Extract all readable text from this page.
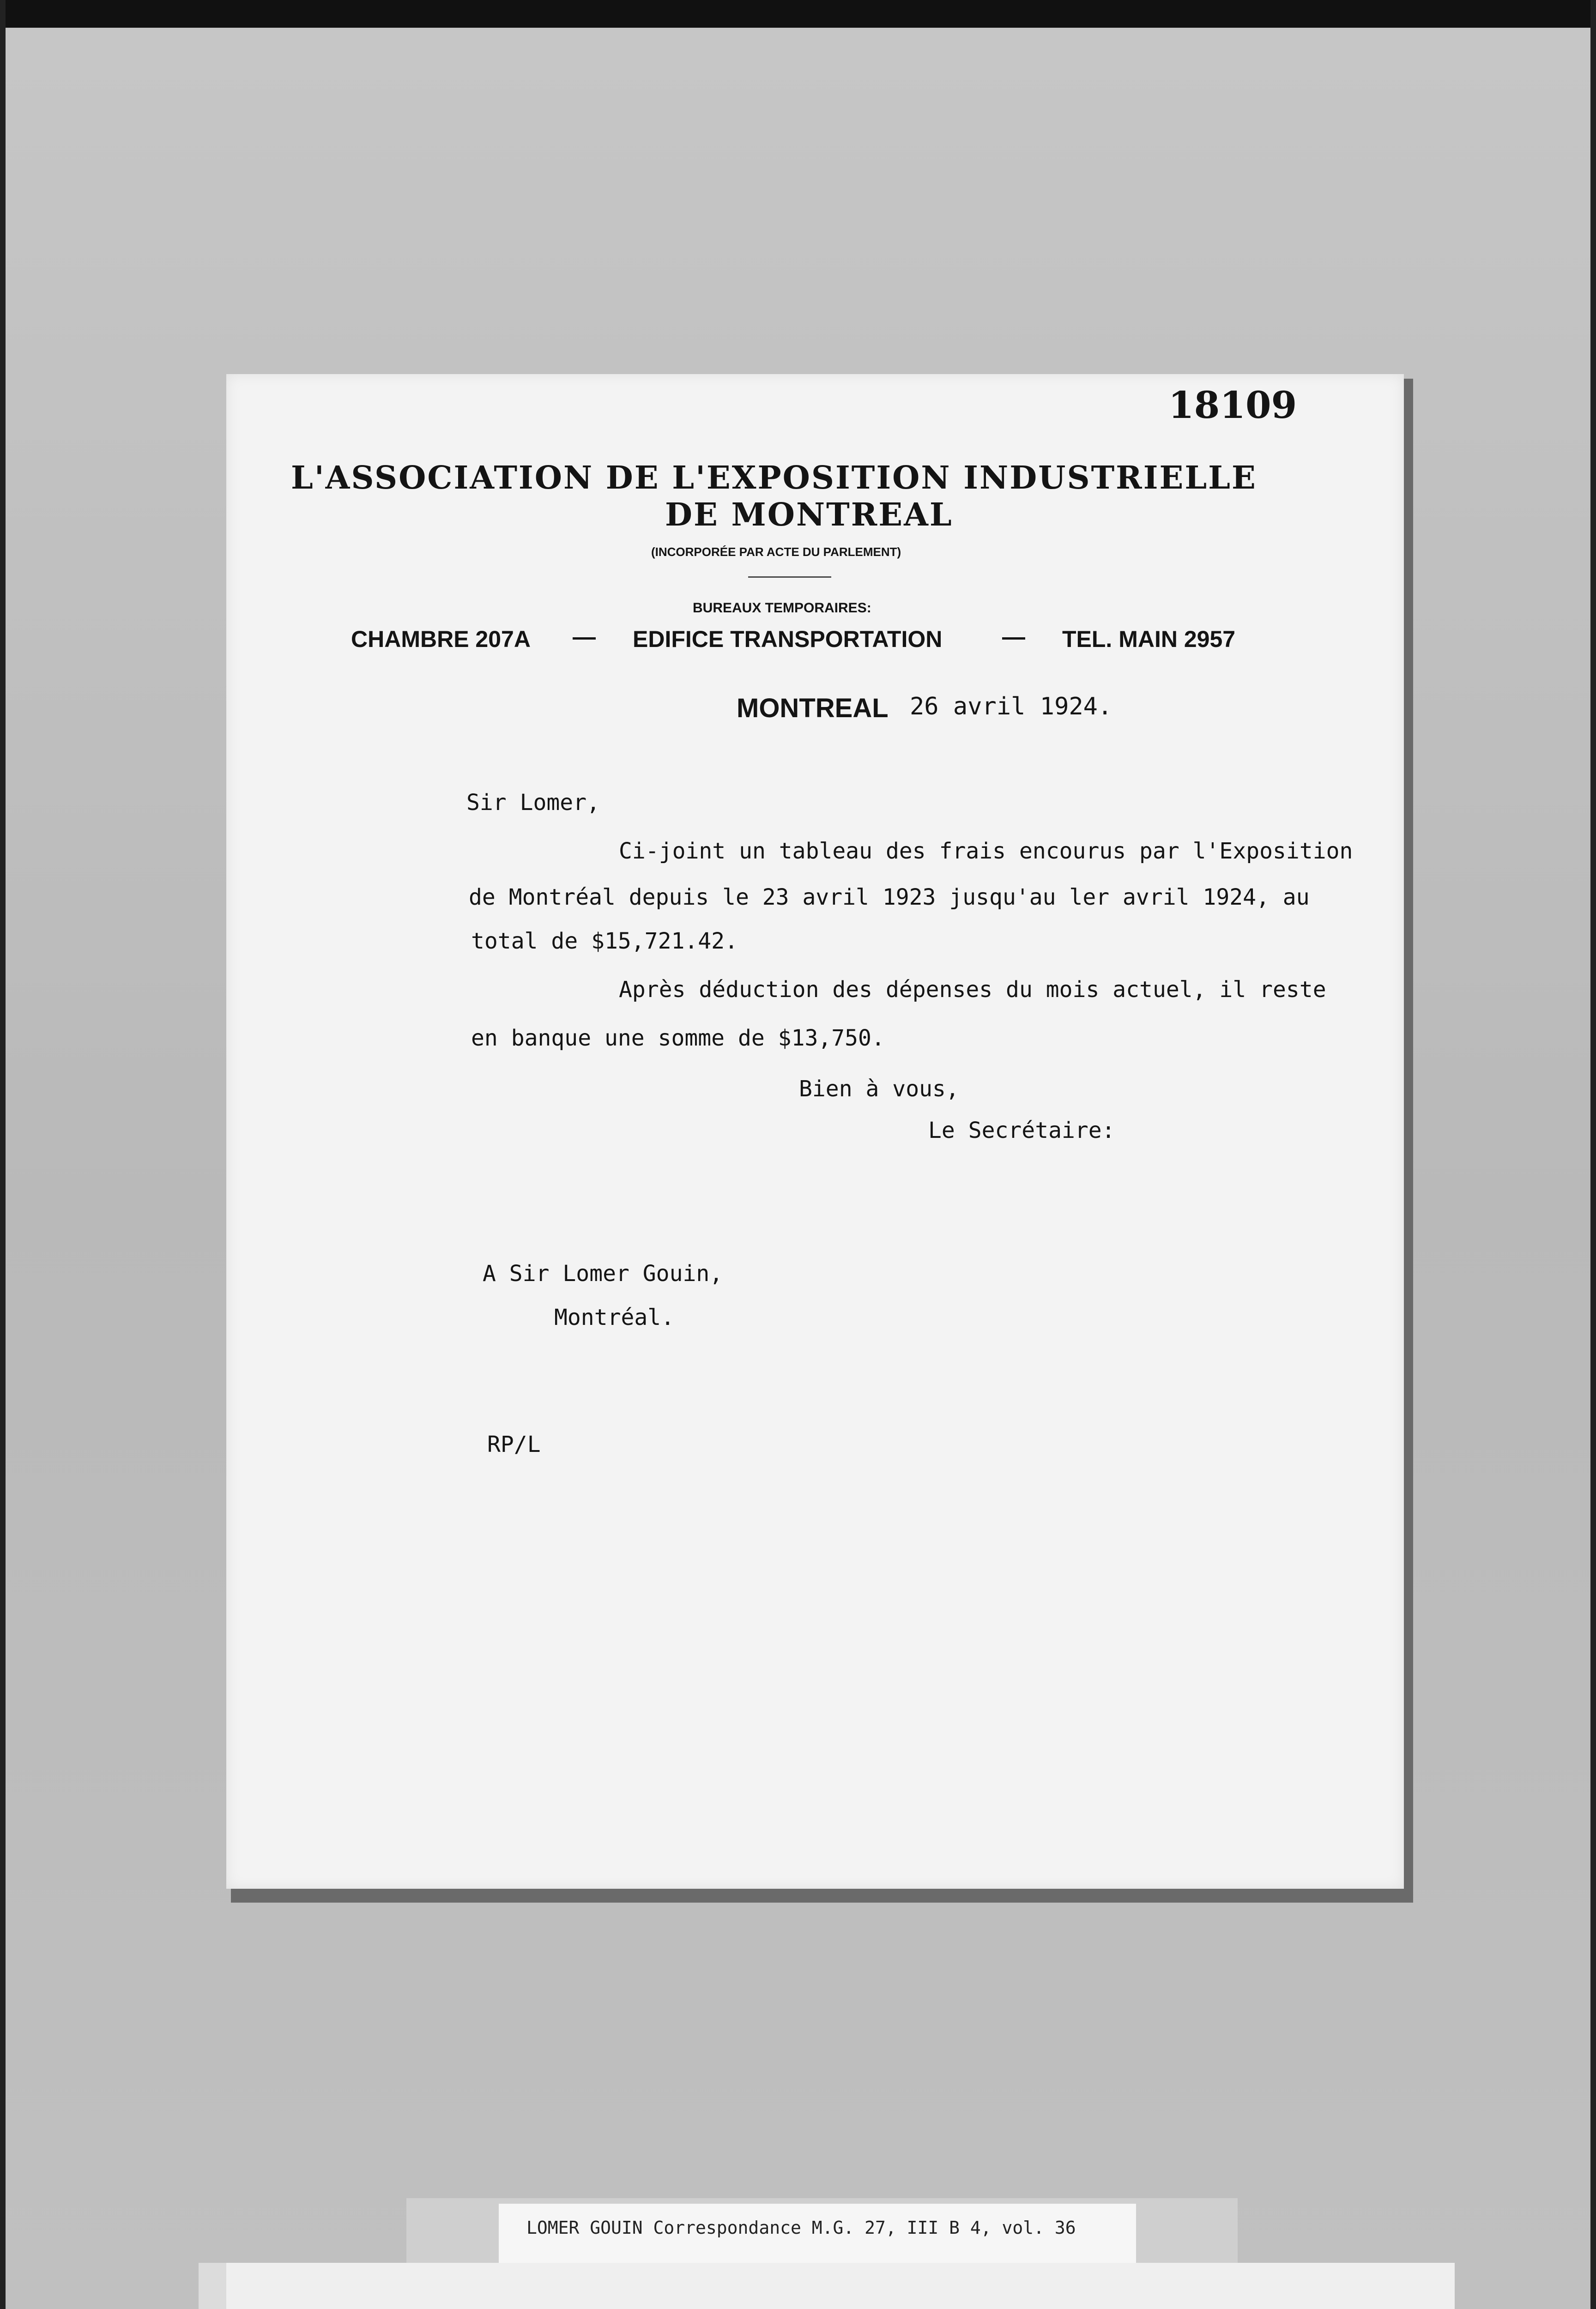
18109
L'ASSOCIATION DE L'EXPOSITION INDUSTRIELLE
DE MONTREAL
(INCORPORÉE PAR ACTE DU PARLEMENT)
BUREAUX TEMPORAIRES:
CHAMBRE 207A — EDIFICE TRANSPORTATION	— TEL. MAIN 2957
MONTREAL 26 avril 1924.
Sir Lomer,
Ci-joint un tableau des frais encourus par l'Exposition
de Montréal depuis le 23 avril 1923 jusqu'au ler avril 1924, au
total de $15,721.42.
Après déduction des dépenses du mois actuel, il reste
en banque une somme de $13,750.
Bien à vous,
Le Secrétaire:
A Sir Lomer Gouin,
Montréal.
RP/L
LOMER GOUIN Correspondance M.G. 27, III B 4, vol. 36
